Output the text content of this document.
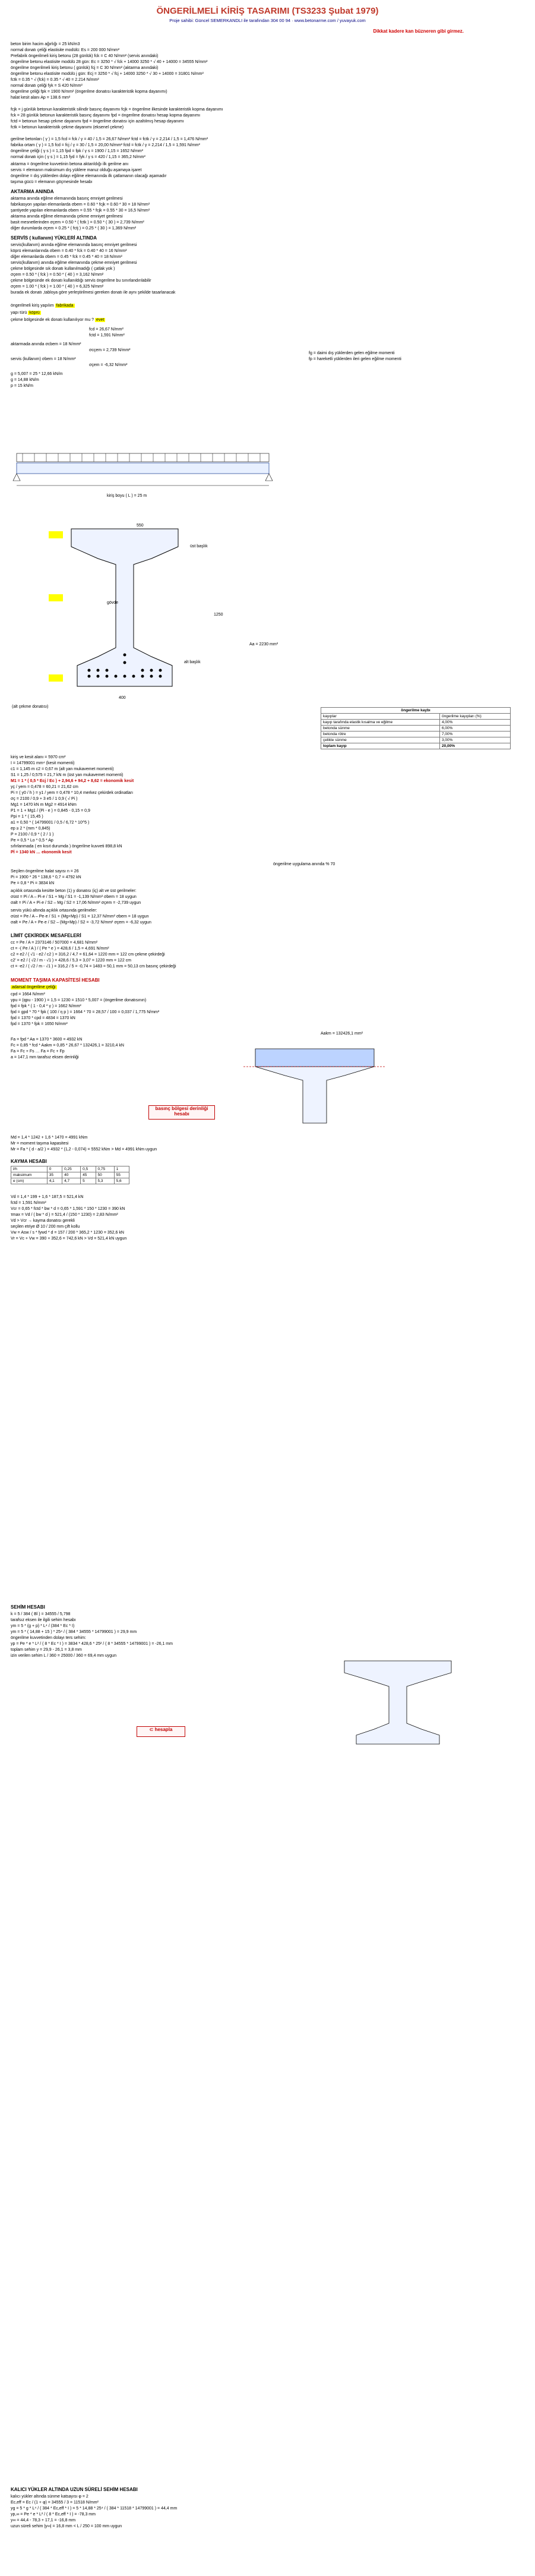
ÖNGERİLMELİ KİRİŞ TASARIMI (TS3233 Şubat 1979)
Proje sahibi: Güncel SEMERKANDLI ile tarafından 304 00 94 · www.betonarme.com / yuvayuk.com
Dikkat kadere kan büzneren gibi girmez.
beton birim hacim ağırlığı = 25 kN/m3
normal donatı çeliği elastisite modülü: Es = 200 000 N/mm²
Prefabrik öngerilmeli kiriş betonu (28 günlük) fck = C 40 N/mm² (servis anındaki)
öngerilme betonu elastisite modülü 28 gün: Ec = 3250 * √ fck + 14000 3250 * √ 40 + 14000 = 34555 N/mm²
öngerilme öngerilmeli kiriş betonu ( günlük) fcj = C 30 N/mm² (aktarma anındaki)
öngerilme betonu elastisite modülü j gün: Ecj = 3250 * √ fcj + 14000 3250 * √ 30 + 14000 = 31801 N/mm²
fctk = 0.35 * √ (fck) = 0.35 * √ 40 = 2.214 N/mm²
normal donatı çeliği fyk = S 420 N/mm²
öngerilme çeliği fpk = 1900 N/mm² (öngerilme donatısı karakteristik kopma dayanımı)
halat kesit alanı Ap = 138.6 mm²
fcjk = j günlük betonun karakteristik silindir basınç dayanımı fcjk = öngerilme ilkesinde karakteristik kopma dayanımı
fck = 28 günlük betonun karakteristik basınç dayanımı fpd = öngerilme donatısı hesap kopma dayanımı
fctd = betonun hesap çekme dayanımı fpd = öngerilme donatısı için azaltılmış hesap dayanımı
fctk = betonun karakteristik çekme dayanımı (eksenel çekme)
gerilme betonları ( γ ) = 1,5 fcd = fck / γ = 40 / 1,5 = 26,67 N/mm² fctd = fctk / γ = 2,214 / 1,5 = 1,476 N/mm²
fabrika ortam ( γ ) = 1,5 fcd = fcj / γ = 30 / 1,5 = 20,00 N/mm² fctd = fctk / γ = 2,214 / 1,5 = 1,591 N/mm²
öngerilme çeliği ( γ s ) = 1,15 fpd = fpk / γ s = 1900 / 1,15 = 1652 N/mm²
normal donatı için ( γ s ) = 1,15 fyd = fyk / γ s = 420 / 1,15 = 365,2 N/mm²
aktarma = öngerilme kuvvetinin betona aktarıldığı ilk gerilme anı
servis = elemanın maksimum dış yüklere maruz olduğu aşamaya işaret
öngerilme = dış yüklerden dolayı eğilme elemanında ilk çatlamanın olacağı aşamadır
taşıma gücü = elemanın göçmesinde hesabı
AKTARMA ANINDA
aktarma anında eğilme elemanında basınç emniyet gerilmesi
fabrikasyon yapılan elemanlarda σbem = 0.60 * fcjk = 0.60 * 30 = 18 N/mm²
şantiyede yapılan elemanlarda σbem = 0.55 * fcjk = 0.55 * 30 = 16,5 N/mm²
aktarma anında eğilme elemanında çekme emniyet gerilmesi
basit mesnetlerinden σçem = 0.50 * ( fctk ) = 0.50 * ( 30 ) = 2,739 N/mm²
diğer durumlarda σçem = 0.25 * ( fctj ) = 0.25 * ( 30 ) = 1,369 N/mm²
SERVİS ( kullanım) YÜKLERİ ALTINDA
servis(kullanım) anında eğilme elemanında basınç emniyet gerilmesi
köprü elemanlarında σbem = 0.40 * fck = 0.40 * 40 = 16 N/mm²
diğer elemanlarda σbem = 0.45 * fck = 0.45 * 40 = 18 N/mm²
servis(kullanım) anında eğilme elemanında çekme emniyet gerilmesi
çekme bölgesinde sık donatı kullanılmadığı ( çatlak yok )
σçem = 0.50 * ( fck ) = 0.50 * ( 40 ) = 3,162 N/mm²
çekme bölgesinde ek donatı kullanıldığı servis öngerilme bu sınırlandırılabilir
σçem = 1.00 * ( fck ) = 1.00 * ( 40 ) = 6,325 N/mm²
burada ek donatı ,tabloya göre yerleştirilmesi gereken donatı ile aynı şekilde tasarlanacak
öngerilmeli kiriş yapılım fabrikada
yapı türü köprü
çekme bölgesinde ek donatı kullanılıyor mu ? evet
fcd = 26,67 N/mm²
fctd = 1,591 N/mm²
aktarmada anında σcbem = 18 N/mm²
σcçem = 2,739 N/mm²
servis (kullanım) σbem = 18 N/mm²
σçem = -6,32 N/mm²
g = 5,007 = 25 * 12,66 kN/m
g = 14,88 kN/m
p = 15 kN/m
fg = daimi dış yüklerden gelen eğilme momenti
fp = hareketli yüklerden ileri gelen eğilme momenti
kiriş boyu ( L ) = 25 m
550
üst başlık
gövde
alt başlık
(alt çekme donatısı)
Aa = 2230 mm²
400
1250
öngerilme kaybı	
kayıplar	öngerilme kayıpları (%)
kayıp tarafında elastik kısalma ve eğilme	4,00%
betonda sünme	6,00%
betonda rötre	7,00%
çelikte sünme	3,00%
toplam kayıp	20,00%
kiriş ve kesit alanı = 5970 cm²
I = 14799001 mm⁴ (kesit momenti)
c1 = 1,145 m c2 = 0,67 m (alt yan mukavemet momenti)
S1 = 1,25 / 0,575 = 21,7 kN m (üst yan mukavemet momenti)
M1 = 1 * ( 0,5 * Ecj / Ec ) + 2,94,6 + 94,2 + 8,62 = ekonomik kesit
yç / yem = 0,478 = 60,21 = 21,62 cm
Pi = ( y0 / h ) = y1 / yem = 0,478 * 10,4 merkez çekirdek ordinatları
σç = 2100 / 0,9 + 3 e5 / 1 0,9 ( √ Pi )
Mg1 = 1470 kN m Mg2 = 4914 kNm
P1 = 1 + Mg1 / (Pi - e ) = 0,845 - 0,15 = 0,9
Ppi = 1 * ( 15,45 )
a1 = 0,50 * ( 14799001 / 0,5 / 6,72 * 10^5 )
ep ≥ 2 * (mm * 0,845)
P = 2100 / 0,9 * ( 2 / 1 )
Pe = 0,5 * Lo * 0,5 * Ap
sıfırlanmada ( en kısıt durumda ) öngerilme kuvveti 898,8 kN
Pİ = 1340 kN … ekonomik kesit
öngerilme uygulama anında % 70
Seçilen öngerilme halat sayısı n = 26
Pi = 1900 * 26 * 138,6 * 0,7 = 4792 kN
Pe = 0,8 * Pi = 3834 kN
açıklık ortasında kesitte beton (1) y donatısı (iç) alt ve üst gerilmeler:
σüst = Pi / A – Pi·e / S1 + Mg / S1 = -1,139 N/mm² σbem = 18 uygun
σalt = Pi / A + Pi·e / S2 – Mg / S2 = 17,06 N/mm² σçem = -2,739 uygun
servis yükü altında açıklık ortasında gerilmeler:
σüst = Pe / A – Pe·e / S1 + (Mg+Mp) / S1 = 12,37 N/mm² σbem = 18 uygun
σalt = Pe / A + Pe·e / S2 – (Mg+Mp) / S2 = -3,72 N/mm² σçem = -6,32 uygun
LİMİT ÇEKİRDEK MESAFELERİ
cc = Pe / A = 2373146 / 507000 = 4,681 N/mm²
ct = -( Pe / A ) / ( Pe * e ) = 428,6 / 1,5 = 4,691 N/mm²
c2 = e2 / ( √1 - e2 / c2 ) = 316,2 / 4,7 = 61,64 = 1220 mm = 122 cm çekme çekirdeği
c2' = e2 / ( √2 / m - √1 ) = 428,6 / 5,3 = 3,07 = 1220 mm = 122 cm
ct = -e2 / ( √2 / m - √1 ) = 316,2 / 5 = -0,74 = 1483 = 50,1 mm = 50,13 cm basınç çekirdeği
MOMENT TAŞIMA KAPASİTESİ HESABI
adarsal öngerilme çeliği
cpd = 1664 N/mm²
γpu = (qpu - 1900 ) = 1,5 = 1230 = 1510 * 5,007 = (öngerilme donatısının)
fpd = fpk * ( 1 - 0,4 * γ ) = 1662 N/mm²
fpd = gpd * 70 * fpk ( 100 / η p ) = 1664 * 70 = 28,57 / 100 = 0,037 / 1,775 N/mm²
fpd = 1370 * cpd = 4834 = 1370 kN
fpd = 1370 * fpk = 1650 N/mm²
Aakm = 132426,1 mm²
Fa = fpd * Aa = 1370 * 3600 = 4932 kN
Fc = 0,85 * fcd * Aakm = 0,85 * 26,67 * 132426,1 = 3210,4 kN
Fa = Fc + Fs … Fa = Fc + Fp
a = 147,1 mm tarafsız eksen derinliği
Md = 1,4 * 1242 + 1,6 * 1470 = 4991 kNm
Mr = moment taşıma kapasitesi
Mr = Fa * ( d - a/2 ) = 4932 * (1,2 - 0,074) = 5552 kNm > Md = 4991 kNm uygun
basınç bölgesi derinliği hesabı
KAYMA HESABI
l/h	0	0,25	0,5	0,75	1
maksimum	35	40	45	50	55
e (cm)	4,1	4,7	5	5,3	5,6
Vd = 1,4 * 199 + 1,6 * 187,5 = 521,4 kN
fctd = 1,591 N/mm²
Vcr = 0,65 * fctd * bw * d = 0,65 * 1,591 * 150 * 1230 = 390 kN
τmax = Vd / ( bw * d ) = 521,4 / (150 * 1230) = 2,83 N/mm²
Vd > Vcr → kayma donatısı gerekli
seçilen etriye Ø 10 / 200 mm çift kollu
Vw = Asw / s * fywd * d = 157 / 200 * 365,2 * 1230 = 352,6 kN
Vr = Vc + Vw = 390 + 352,6 = 742,6 kN > Vd = 521,4 kN uygun
SEHİM HESABI
k = 5 / 384 ( Bl ) = 34555 / 5,798
tarafsız eksen ile ilgili sehim hesabı
ym = 5 * (g + p) * L⁴ / (384 * Ec * I)
ym = 5 * ( 14,88 + 15 ) * 25⁴ / ( 384 * 34555 * 14799001 ) = 29,9 mm
öngerilme kuvvetinden dolayı ters sehim:
yp = Pe * e * L² / ( 8 * Ec * I ) = 3834 * 428,6 * 25² / ( 8 * 34555 * 14799001 ) = -26,1 mm
toplam sehim y = 29,9 - 26,1 = 3,8 mm
izin verilen sehim L / 360 = 25000 / 360 = 69,4 mm uygun
⊂ hesapla
KALICI YÜKLER ALTINDA UZUN SÜRELİ SEHİM HESABI
kalıcı yükler altında sünme katsayısı φ = 2
Ec,eff = Ec / (1 + φ) = 34555 / 3 = 11518 N/mm²
yg = 5 * g * L⁴ / ( 384 * Ec,eff * I ) = 5 * 14,88 * 25⁴ / ( 384 * 11518 * 14799001 ) = 44,4 mm
yp,∞ = Pe * e * L² / ( 8 * Ec,eff * I ) = -78,3 mm
y∞ = 44,4 - 78,3 + 17,1 = -16,8 mm
uzun süreli sehim |y∞| = 16,8 mm < L / 250 = 100 mm uygun
